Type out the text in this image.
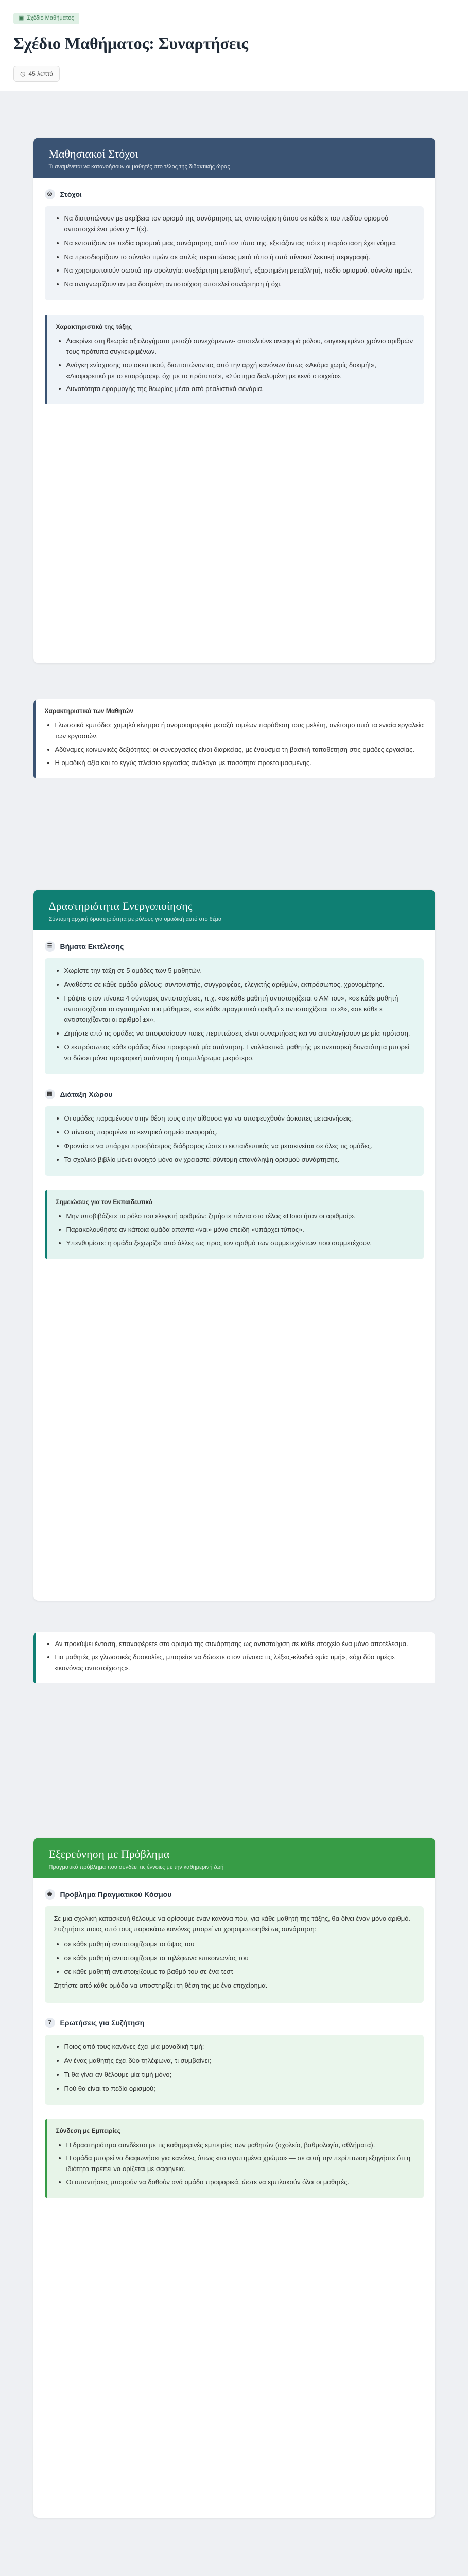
▣ Σχέδιο Μαθήματος
Σχέδιο Μαθήματος: Συναρτήσεις
◷ 45 λεπτά
Μαθησιακοί Στόχοι

Τι αναμένεται να κατανοήσουν οι μαθητές στο τέλος της διδακτικής ώρας

◎	Στόχοι
• Να διατυπώνουν με ακρίβεια τον ορισμό της συνάρτησης ως αντιστοίχιση όπου σε κάθε x του πεδίου ορισμού αντιστοιχεί ένα μόνο y = f(x).
• Να εντοπίζουν σε πεδία ορισμού μιας συνάρτησης από τον τύπο της, εξετάζοντας πότε η παράσταση έχει νόημα.
• Να προσδιορίζουν το σύνολο τιμών σε απλές περιπτώσεις μετά τύπο ή από πίνακα/ λεκτική περιγραφή.
• Να χρησιμοποιούν σωστά την ορολογία: ανεξάρτητη μεταβλητή, εξαρτημένη μεταβλητή, πεδίο ορισμού, σύνολο τιμών.
• Να αναγνωρίζουν αν μια δοσμένη αντιστοίχιση αποτελεί συνάρτηση ή όχι.
Χαρακτηριστικά της τάξης
• Διακρίνει στη θεωρία αξιολογήματα μεταξύ συνεχόμενων- αποτελούνε αναφορά ρόλου, συγκεκριμένο χρόνιο αριθμών τους πρότυπα συγκεκριμένων.
• Ανάγκη ενίσχυσης του σκεπτικού, διαπιστώνοντας από την αρχή κανόνων όπως «Ακόμα χωρίς δοκιμή!», «Διαφορετικό με το εταιρόμορφ. όχι με το πρότυπο!», «Σύστημα διαλυμένη με κενό στοιχείο».
• Δυνατότητα εφαρμογής της θεωρίας μέσα από ρεαλιστικά σενάρια.
Χαρακτηριστικά των Μαθητών
• Γλωσσικά εμπόδιο: χαμηλό κίνητρο ή ανομοιομορφία μεταξύ τομέων παράθεση τους μελέτη, ανέτοιμο από τα ενιαία εργαλεία των εργασιών.
• Αδύναμες κοινωνικές δεξιότητες: οι συνεργασίες είναι διαρκείας, με έναυσμα τη βασική τοποθέτηση στις ομάδες εργασίας.
• Η ομαδική αξία και το εγγύς πλαίσιο εργασίας ανάλογα με ποσότητα προετοιμασμένης.
Δραστηριότητα Ενεργοποίησης

Σύντομη αρχική δραστηριότητα με ρόλους για ομαδική αυτό στο θέμα

☰	Βήματα Εκτέλεσης
• Χωρίστε την τάξη σε 5 ομάδες των 5 μαθητών.
• Αναθέστε σε κάθε ομάδα ρόλους: συντονιστής, συγγραφέας, ελεγκτής αριθμών, εκπρόσωπος, χρονομέτρης.
• Γράψτε στον πίνακα 4 σύντομες αντιστοιχίσεις, π.χ. «σε κάθε μαθητή αντιστοιχίζεται ο ΑΜ του», «σε κάθε μαθητή αντιστοιχίζεται το αγαπημένο του μάθημα», «σε κάθε πραγματικό αριθμό x αντιστοιχίζεται το x²», «σε κάθε x αντιστοιχίζονται οι αριθμοί ±x».
• Ζητήστε από τις ομάδες να αποφασίσουν ποιες περιπτώσεις είναι συναρτήσεις και να αιτιολογήσουν με μία πρόταση.
• Ο εκπρόσωπος κάθε ομάδας δίνει προφορικά μία απάντηση. Εναλλακτικά, μαθητής με ανεπαρκή δυνατότητα μπορεί να δώσει μόνο προφορική απάντηση ή συμπλήρωμα μικρότερο.
▦	Διάταξη Χώρου
• Οι ομάδες παραμένουν στην θέση τους στην αίθουσα για να αποφευχθούν άσκοπες μετακινήσεις.
• Ο πίνακας παραμένει το κεντρικό σημείο αναφοράς.
• Φροντίστε να υπάρχει προσβάσιμος διάδρομος ώστε ο εκπαιδευτικός να μετακινείται σε όλες τις ομάδες.
• Το σχολικό βιβλίο μένει ανοιχτό μόνο αν χρειαστεί σύντομη επανάληψη ορισμού συνάρτησης.
Σημειώσεις για τον Εκπαιδευτικό
• Μην υποβιβάζετε το ρόλο του ελεγκτή αριθμών: ζητήστε πάντα στο τέλος «Ποιοι ήταν οι αριθμοί;».
• Παρακολουθήστε αν κάποια ομάδα απαντά «ναι» μόνο επειδή «υπάρχει τύπος».
• Υπενθυμίστε: η ομάδα ξεχωρίζει από άλλες ως προς τον αριθμό των συμμετεχόντων που συμμετέχουν.
• Αν προκύψει ένταση, επαναφέρετε στο ορισμό της συνάρτησης ως αντιστοίχιση σε κάθε στοιχείο ένα μόνο αποτέλεσμα.
• Για μαθητές με γλωσσικές δυσκολίες, μπορείτε να δώσετε στον πίνακα τις λέξεις-κλειδιά «μία τιμή», «όχι δύο τιμές», «κανόνας αντιστοίχισης».
Εξερεύνηση με Πρόβλημα

Πραγματικό πρόβλημα που συνδέει τις έννοιες με την καθημερινή ζωή

◉	Πρόβλημα Πραγματικού Κόσμου

Σε μια σχολική κατασκευή θέλουμε να ορίσουμε έναν κανόνα που, για κάθε μαθητή της τάξης, θα δίνει έναν μόνο αριθμό. Συζητήστε ποιος από τους παρακάτω κανόνες μπορεί να χρησιμοποιηθεί ως συνάρτηση:

• σε κάθε μαθητή αντιστοιχίζουμε το ύψος του
• σε κάθε μαθητή αντιστοιχίζουμε τα τηλέφωνα επικοινωνίας του
• σε κάθε μαθητή αντιστοιχίζουμε το βαθμό του σε ένα τεστ

Ζητήστε από κάθε ομάδα να υποστηρίξει τη θέση της με ένα επιχείρημα.

?	Ερωτήσεις για Συζήτηση
• Ποιος από τους κανόνες έχει μία μοναδική τιμή;
• Αν ένας μαθητής έχει δύο τηλέφωνα, τι συμβαίνει;
• Τι θα γίνει αν θέλουμε μία τιμή μόνο;
• Πού θα είναι το πεδίο ορισμού;
Σύνδεση με Εμπειρίες
• Η δραστηριότητα συνδέεται με τις καθημερινές εμπειρίες των μαθητών (σχολείο, βαθμολογία, αθλήματα).
• Η ομάδα μπορεί να διαφωνήσει για κανόνες όπως «το αγαπημένο χρώμα» — σε αυτή την περίπτωση εξηγήστε ότι η ιδιότητα πρέπει να ορίζεται με σαφήνεια.
• Οι απαντήσεις μπορούν να δοθούν ανά ομάδα προφορικά, ώστε να εμπλακούν όλοι οι μαθητές.
